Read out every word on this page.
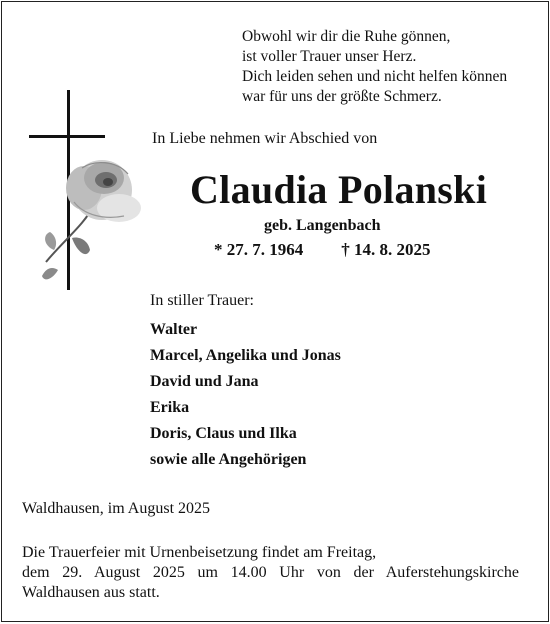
Obwohl wir dir die Ruhe gönnen,
ist voller Trauer unser Herz.
Dich leiden sehen und nicht helfen können
war für uns der größte Schmerz.
In Liebe nehmen wir Abschied von
Claudia Polanski
geb. Langenbach
* 27. 7. 1964 † 14. 8. 2025
In stiller Trauer:
Walter
Marcel, Angelika und Jonas
David und Jana
Erika
Doris, Claus und Ilka
sowie alle Angehörigen
Waldhausen, im August 2025
Die Trauerfeier mit Urnenbeisetzung findet am Freitag,
dem 29. August 2025 um 14.00 Uhr von der Auferstehungskirche
Waldhausen aus statt.
